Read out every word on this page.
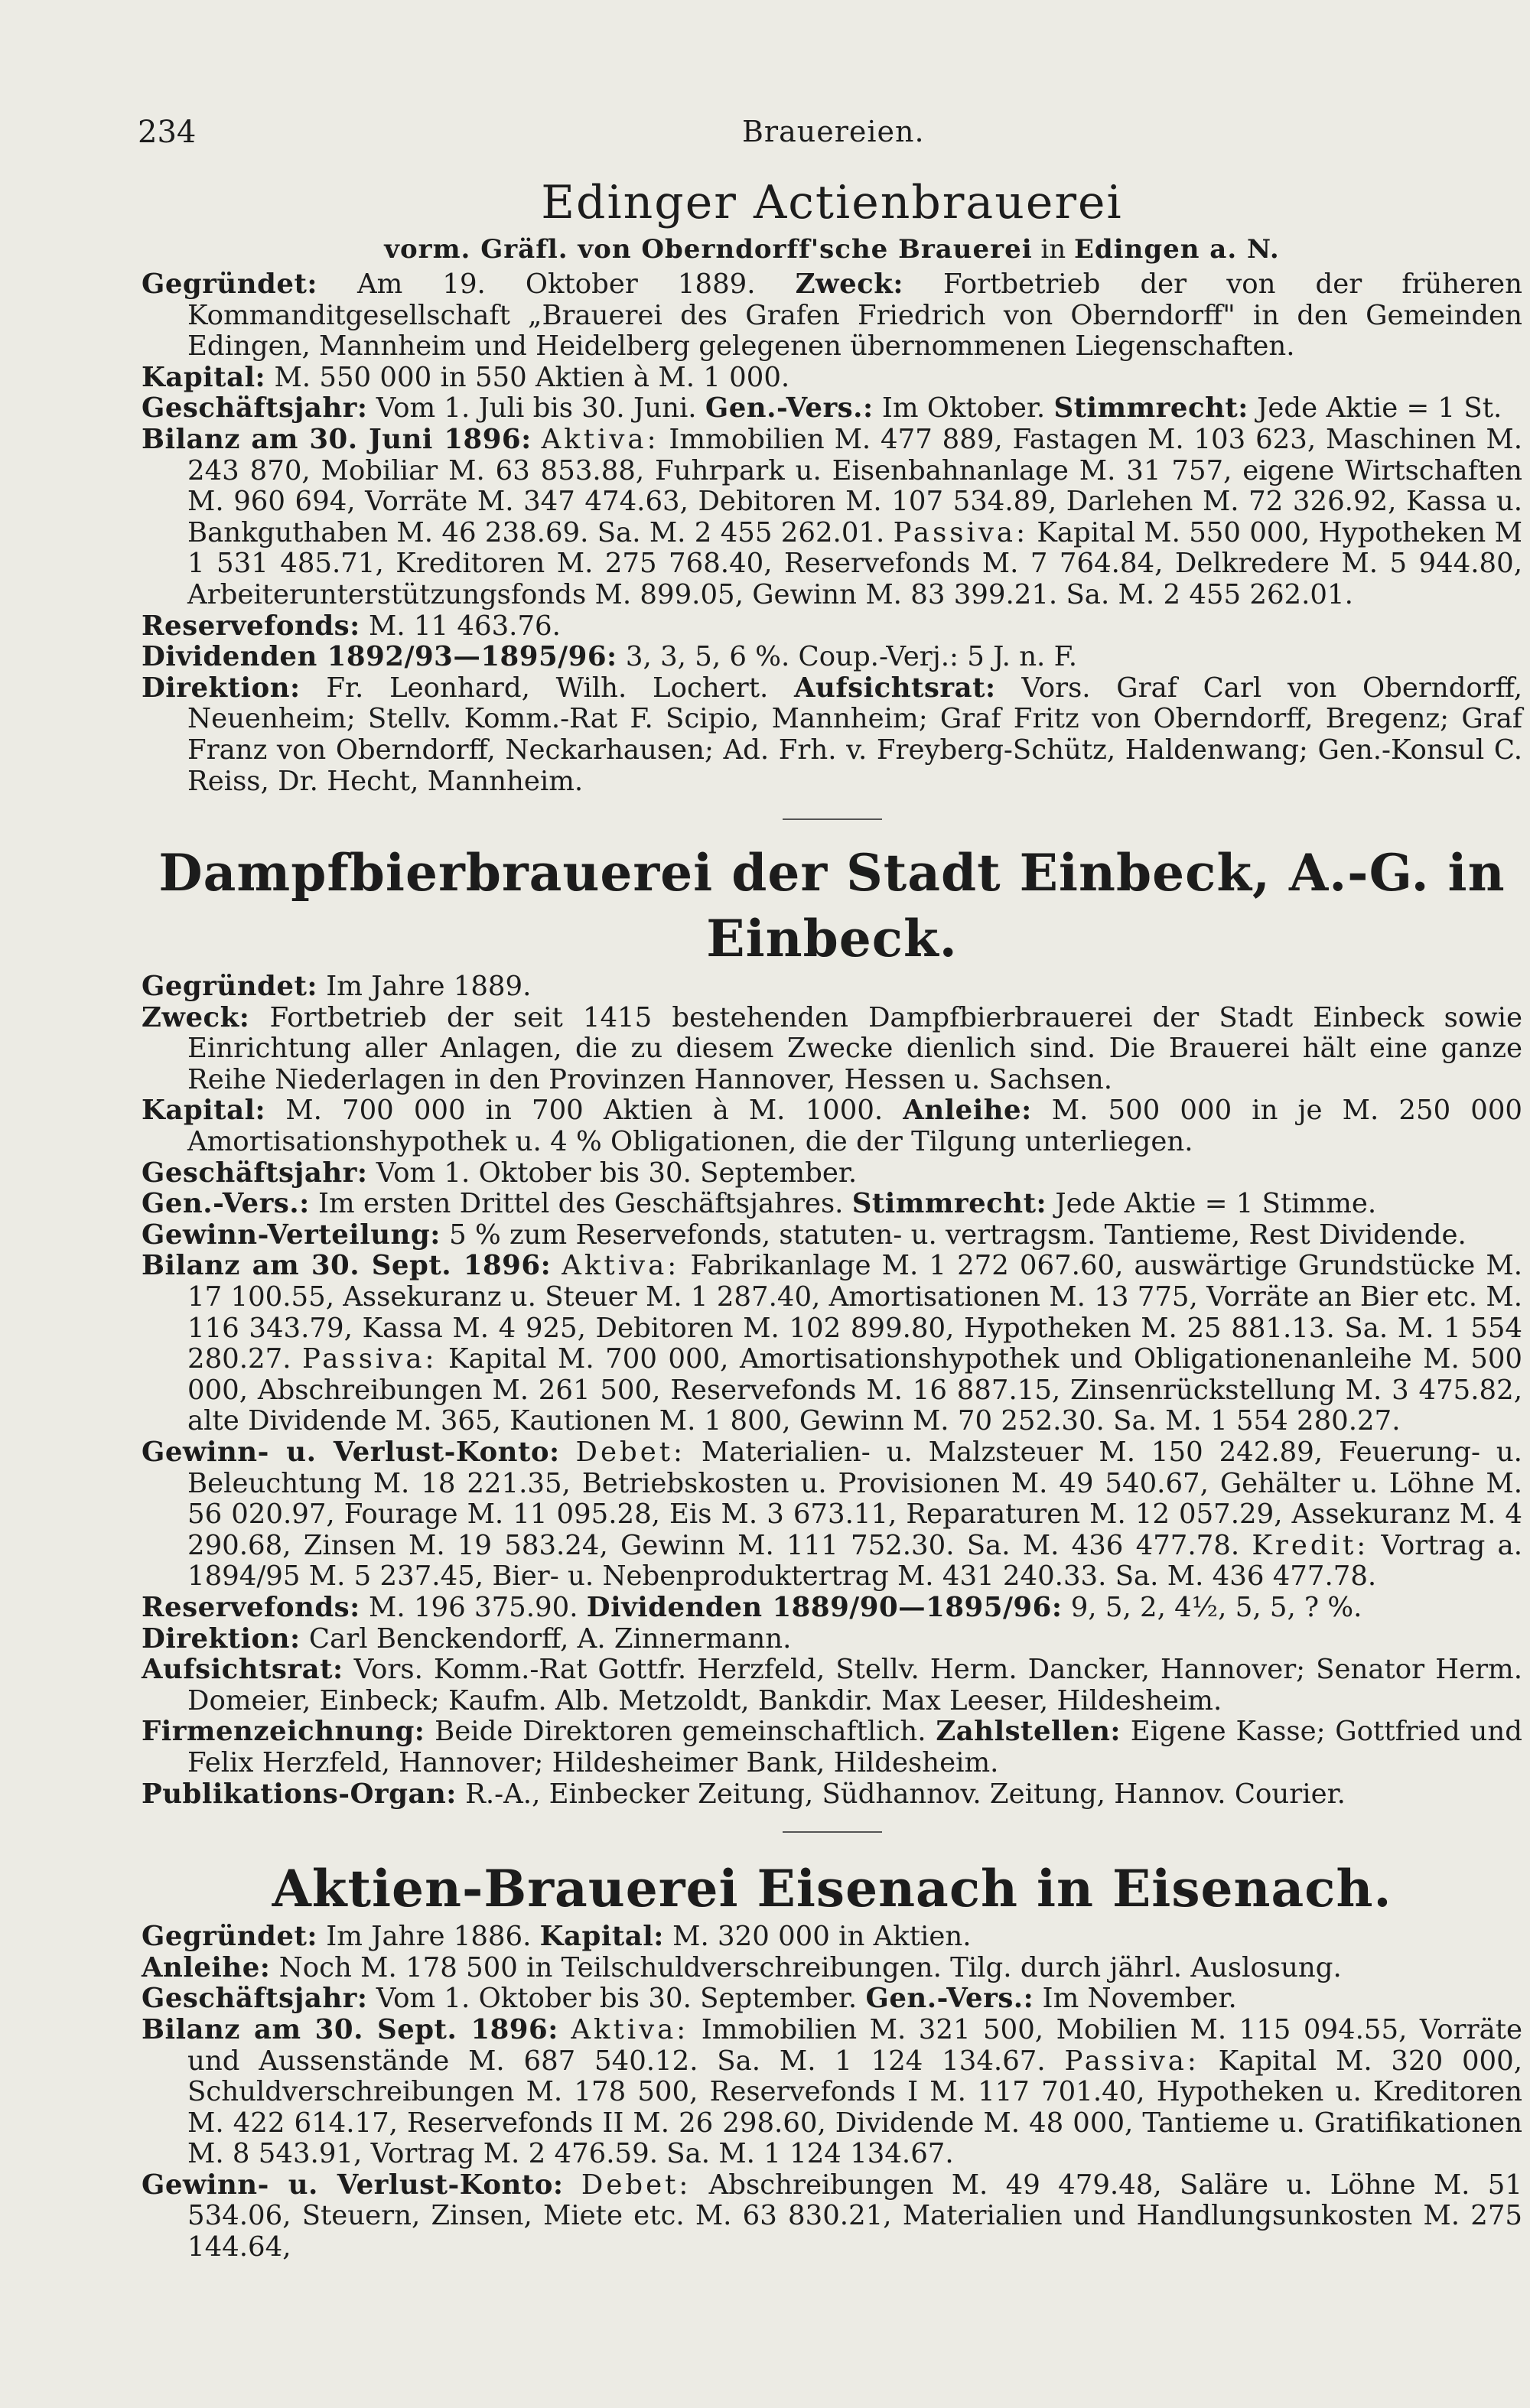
234	Brauereien.
Edinger Actienbrauerei
vorm. Gräfl. von Oberndorff'sche Brauerei in Edingen a. N.

Gegründet: Am 19. Oktober 1889. Zweck: Fortbetrieb der von der früheren Kommanditgesellschaft „Brauerei des Grafen Friedrich von Oberndorff" in den Gemeinden Edingen, Mannheim und Heidelberg gelegenen übernommenen Liegenschaften.

Kapital: M. 550 000 in 550 Aktien à M. 1 000.

Geschäftsjahr: Vom 1. Juli bis 30. Juni. Gen.-Vers.: Im Oktober. Stimmrecht: Jede Aktie = 1 St.

Bilanz am 30. Juni 1896: Aktiva: Immobilien M. 477 889, Fastagen M. 103 623, Maschinen M. 243 870, Mobiliar M. 63 853.88, Fuhrpark u. Eisenbahnanlage M. 31 757, eigene Wirtschaften M. 960 694, Vorräte M. 347 474.63, Debitoren M. 107 534.89, Darlehen M. 72 326.92, Kassa u. Bankguthaben M. 46 238.69. Sa. M. 2 455 262.01. Passiva: Kapital M. 550 000, Hypotheken M 1 531 485.71, Kreditoren M. 275 768.40, Reservefonds M. 7 764.84, Delkredere M. 5 944.80, Arbeiterunterstützungsfonds M. 899.05, Gewinn M. 83 399.21. Sa. M. 2 455 262.01.

Reservefonds: M. 11 463.76.

Dividenden 1892/93—1895/96: 3, 3, 5, 6 %. Coup.-Verj.: 5 J. n. F.

Direktion: Fr. Leonhard, Wilh. Lochert. Aufsichtsrat: Vors. Graf Carl von Oberndorff, Neuenheim; Stellv. Komm.-Rat F. Scipio, Mannheim; Graf Fritz von Oberndorff, Bregenz; Graf Franz von Oberndorff, Neckarhausen; Ad. Frh. v. Freyberg-Schütz, Haldenwang; Gen.-Konsul C. Reiss, Dr. Hecht, Mannheim.

Dampfbierbrauerei der Stadt Einbeck, A.-G. in Einbeck.

Gegründet: Im Jahre 1889.

Zweck: Fortbetrieb der seit 1415 bestehenden Dampfbierbrauerei der Stadt Einbeck sowie Einrichtung aller Anlagen, die zu diesem Zwecke dienlich sind. Die Brauerei hält eine ganze Reihe Niederlagen in den Provinzen Hannover, Hessen u. Sachsen.

Kapital: M. 700 000 in 700 Aktien à M. 1000. Anleihe: M. 500 000 in je M. 250 000 Amortisationshypothek u. 4 % Obligationen, die der Tilgung unterliegen.

Geschäftsjahr: Vom 1. Oktober bis 30. September.

Gen.-Vers.: Im ersten Drittel des Geschäftsjahres. Stimmrecht: Jede Aktie = 1 Stimme.

Gewinn-Verteilung: 5 % zum Reservefonds, statuten- u. vertragsm. Tantieme, Rest Dividende.

Bilanz am 30. Sept. 1896: Aktiva: Fabrikanlage M. 1 272 067.60, auswärtige Grundstücke M. 17 100.55, Assekuranz u. Steuer M. 1 287.40, Amortisationen M. 13 775, Vorräte an Bier etc. M. 116 343.79, Kassa M. 4 925, Debitoren M. 102 899.80, Hypotheken M. 25 881.13. Sa. M. 1 554 280.27. Passiva: Kapital M. 700 000, Amortisationshypothek und Obligationenanleihe M. 500 000, Abschreibungen M. 261 500, Reservefonds M. 16 887.15, Zinsenrückstellung M. 3 475.82, alte Dividende M. 365, Kautionen M. 1 800, Gewinn M. 70 252.30. Sa. M. 1 554 280.27.

Gewinn- u. Verlust-Konto: Debet: Materialien- u. Malzsteuer M. 150 242.89, Feuerung- u. Beleuchtung M. 18 221.35, Betriebskosten u. Provisionen M. 49 540.67, Gehälter u. Löhne M. 56 020.97, Fourage M. 11 095.28, Eis M. 3 673.11, Reparaturen M. 12 057.29, Assekuranz M. 4 290.68, Zinsen M. 19 583.24, Gewinn M. 111 752.30. Sa. M. 436 477.78. Kredit: Vortrag a. 1894/95 M. 5 237.45, Bier- u. Nebenproduktertrag M. 431 240.33. Sa. M. 436 477.78.

Reservefonds: M. 196 375.90. Dividenden 1889/90—1895/96: 9, 5, 2, 4½, 5, 5, ? %.

Direktion: Carl Benckendorff, A. Zinnermann.

Aufsichtsrat: Vors. Komm.-Rat Gottfr. Herzfeld, Stellv. Herm. Dancker, Hannover; Senator Herm. Domeier, Einbeck; Kaufm. Alb. Metzoldt, Bankdir. Max Leeser, Hildesheim.

Firmenzeichnung: Beide Direktoren gemeinschaftlich. Zahlstellen: Eigene Kasse; Gottfried und Felix Herzfeld, Hannover; Hildesheimer Bank, Hildesheim.

Publikations-Organ: R.-A., Einbecker Zeitung, Südhannov. Zeitung, Hannov. Courier.

Aktien-Brauerei Eisenach in Eisenach.

Gegründet: Im Jahre 1886. Kapital: M. 320 000 in Aktien.

Anleihe: Noch M. 178 500 in Teilschuldverschreibungen. Tilg. durch jährl. Auslosung.

Geschäftsjahr: Vom 1. Oktober bis 30. September. Gen.-Vers.: Im November.

Bilanz am 30. Sept. 1896: Aktiva: Immobilien M. 321 500, Mobilien M. 115 094.55, Vorräte und Aussenstände M. 687 540.12. Sa. M. 1 124 134.67. Passiva: Kapital M. 320 000, Schuldverschreibungen M. 178 500, Reservefonds I M. 117 701.40, Hypotheken u. Kreditoren M. 422 614.17, Reservefonds II M. 26 298.60, Dividende M. 48 000, Tantieme u. Gratifikationen M. 8 543.91, Vortrag M. 2 476.59. Sa. M. 1 124 134.67.

Gewinn- u. Verlust-Konto: Debet: Abschreibungen M. 49 479.48, Saläre u. Löhne M. 51 534.06, Steuern, Zinsen, Miete etc. M. 63 830.21, Materialien und Handlungsunkosten M. 275 144.64,
